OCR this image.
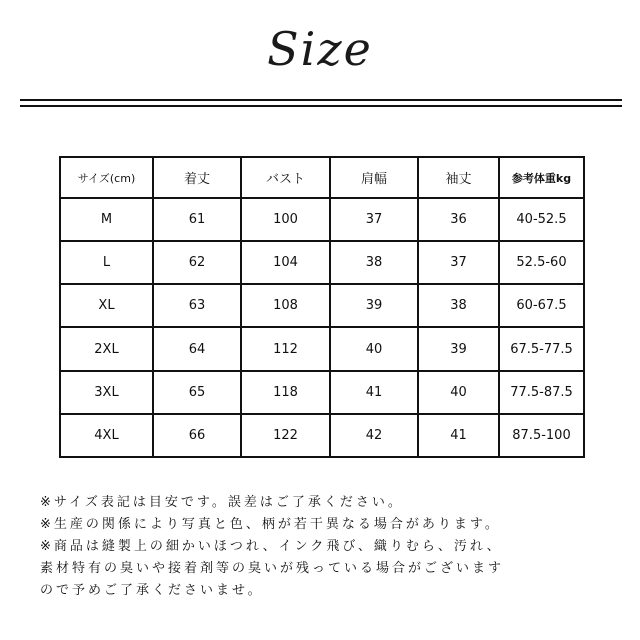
Size
サイズ(cm)	着丈	バスト	肩幅	袖丈	参考体重kg
M	61	100	37	36	40-52.5
L	62	104	38	37	52.5-60
XL	63	108	39	38	60-67.5
2XL	64	112	40	39	67.5-77.5
3XL	65	118	41	40	77.5-87.5
4XL	66	122	42	41	87.5-100
※サイズ表記は目安です。誤差はご了承ください。
※生産の関係により写真と色、柄が若干異なる場合があります。
※商品は縫製上の細かいほつれ、インク飛び、織りむら、汚れ、
素材特有の臭いや接着剤等の臭いが残っている場合がございます
ので予めご了承くださいませ。
